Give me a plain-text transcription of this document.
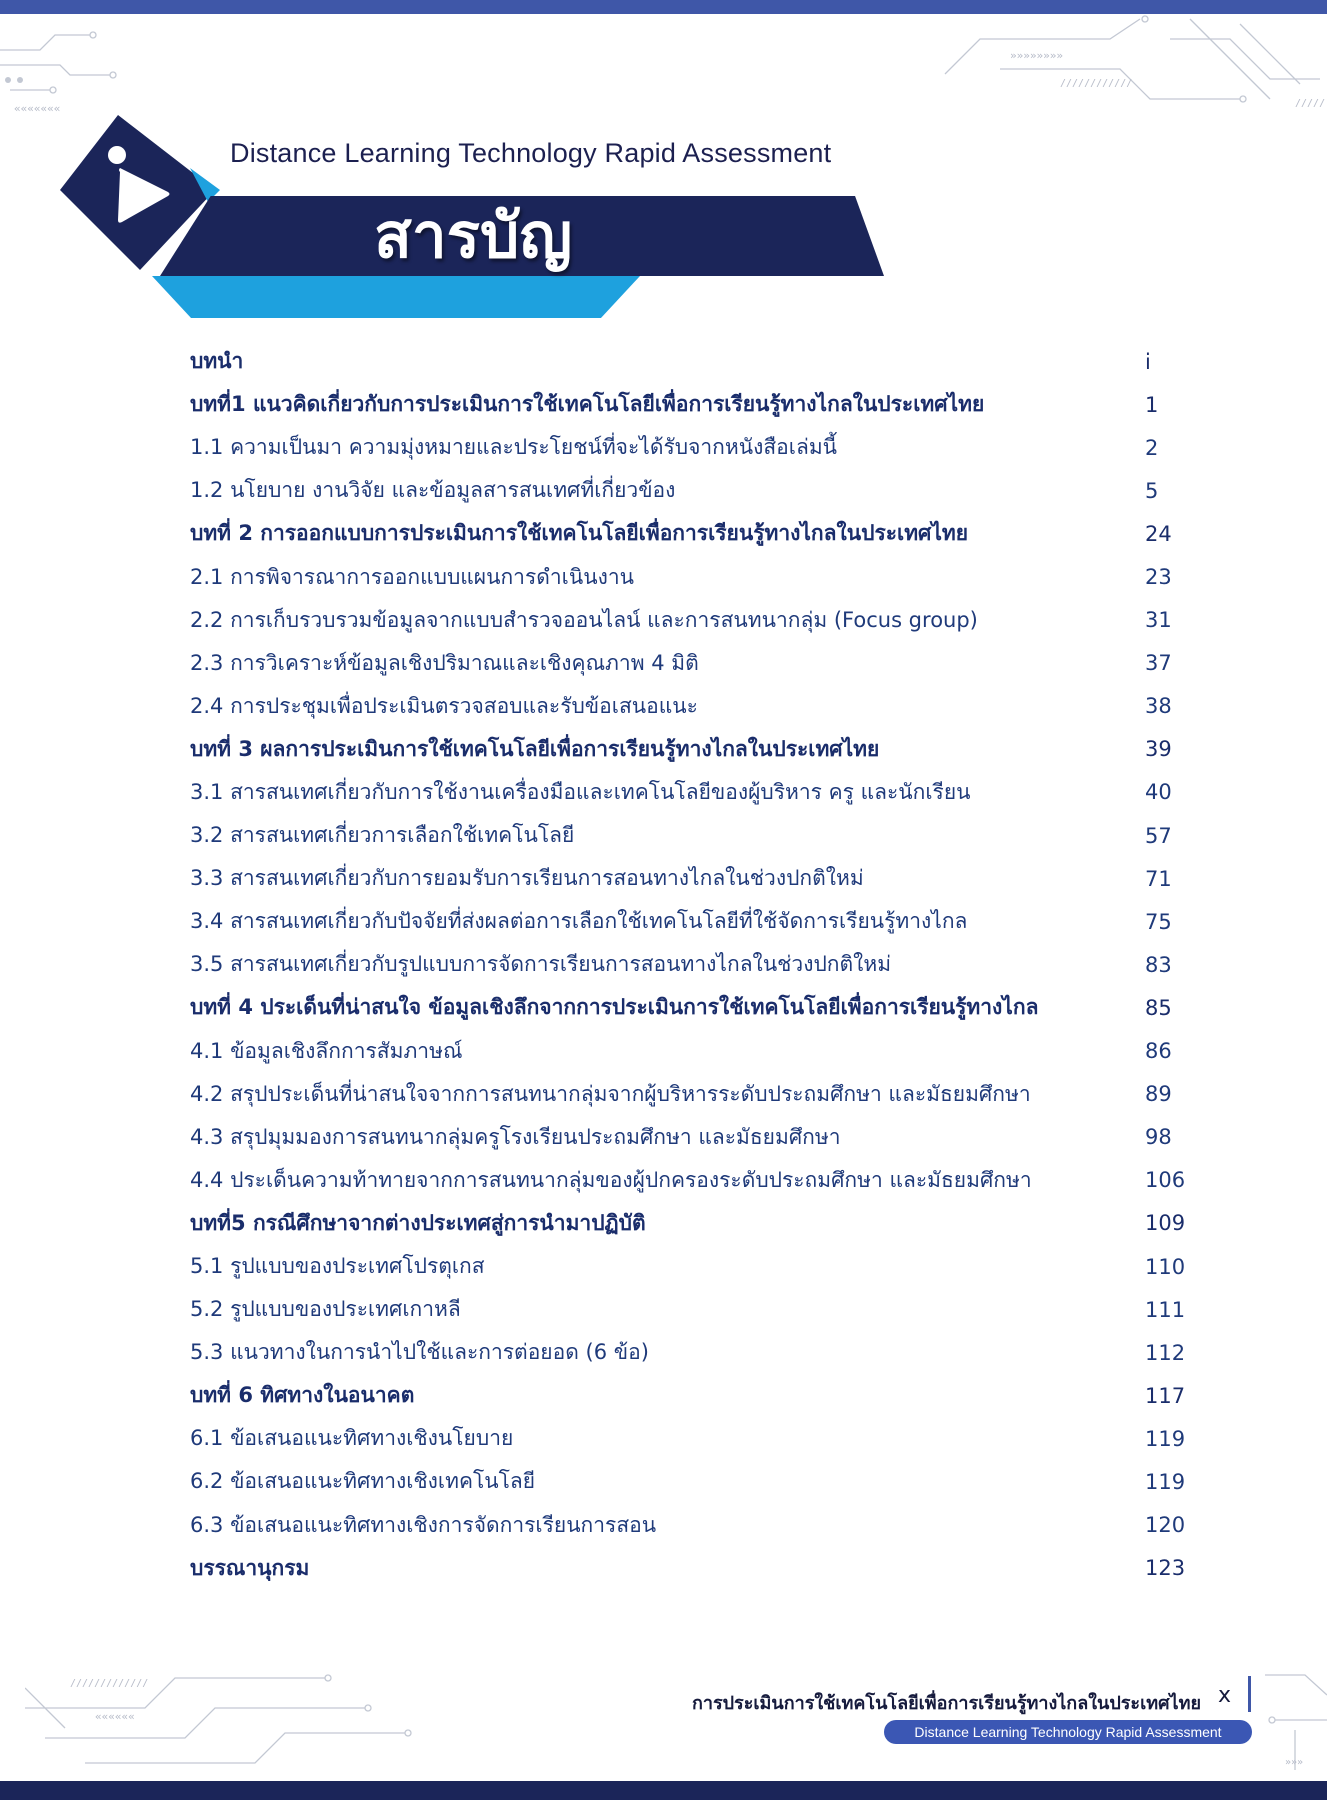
«««««««
»»»»»»»»
////////////
/////
/////////////
««««««
»»»
Distance Learning Technology Rapid Assessment
สารบัญ
บทนำ	i
บทที่1 แนวคิดเกี่ยวกับการประเมินการใช้เทคโนโลยีเพื่อการเรียนรู้ทางไกลในประเทศไทย	1
1.1 ความเป็นมา ความมุ่งหมายและประโยชน์ที่จะได้รับจากหนังสือเล่มนี้	2
1.2 นโยบาย งานวิจัย และข้อมูลสารสนเทศที่เกี่ยวข้อง	5
บทที่ 2 การออกแบบการประเมินการใช้เทคโนโลยีเพื่อการเรียนรู้ทางไกลในประเทศไทย	24
2.1 การพิจารณาการออกแบบแผนการดำเนินงาน	23
2.2 การเก็บรวบรวมข้อมูลจากแบบสำรวจออนไลน์ และการสนทนากลุ่ม (Focus group)	31
2.3 การวิเคราะห์ข้อมูลเชิงปริมาณและเชิงคุณภาพ 4 มิติ	37
2.4 การประชุมเพื่อประเมินตรวจสอบและรับข้อเสนอแนะ	38
บทที่ 3 ผลการประเมินการใช้เทคโนโลยีเพื่อการเรียนรู้ทางไกลในประเทศไทย	39
3.1 สารสนเทศเกี่ยวกับการใช้งานเครื่องมือและเทคโนโลยีของผู้บริหาร ครู และนักเรียน	40
3.2 สารสนเทศเกี่ยวการเลือกใช้เทคโนโลยี	57
3.3 สารสนเทศเกี่ยวกับการยอมรับการเรียนการสอนทางไกลในช่วงปกติใหม่	71
3.4 สารสนเทศเกี่ยวกับปัจจัยที่ส่งผลต่อการเลือกใช้เทคโนโลยีที่ใช้จัดการเรียนรู้ทางไกล	75
3.5 สารสนเทศเกี่ยวกับรูปแบบการจัดการเรียนการสอนทางไกลในช่วงปกติใหม่	83
บทที่ 4 ประเด็นที่น่าสนใจ ข้อมูลเชิงลึกจากการประเมินการใช้เทคโนโลยีเพื่อการเรียนรู้ทางไกล	85
4.1 ข้อมูลเชิงลึกการสัมภาษณ์	86
4.2 สรุปประเด็นที่น่าสนใจจากการสนทนากลุ่มจากผู้บริหารระดับประถมศึกษา และมัธยมศึกษา	89
4.3 สรุปมุมมองการสนทนากลุ่มครูโรงเรียนประถมศึกษา และมัธยมศึกษา	98
4.4 ประเด็นความท้าทายจากการสนทนากลุ่มของผู้ปกครองระดับประถมศึกษา และมัธยมศึกษา	106
บทที่5 กรณีศึกษาจากต่างประเทศสู่การนำมาปฏิบัติ	109
5.1 รูปแบบของประเทศโปรตุเกส	110
5.2 รูปแบบของประเทศเกาหลี	111
5.3 แนวทางในการนำไปใช้และการต่อยอด (6 ข้อ)	112
บทที่ 6 ทิศทางในอนาคต	117
6.1 ข้อเสนอแนะทิศทางเชิงนโยบาย	119
6.2 ข้อเสนอแนะทิศทางเชิงเทคโนโลยี	119
6.3 ข้อเสนอแนะทิศทางเชิงการจัดการเรียนการสอน	120
บรรณานุกรม	123
การประเมินการใช้เทคโนโลยีเพื่อการเรียนรู้ทางไกลในประเทศไทย x
Distance Learning Technology Rapid Assessment
